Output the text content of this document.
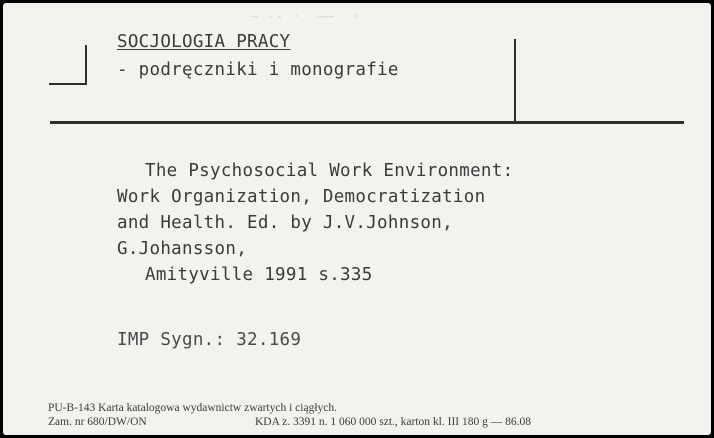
~ -- ·  ~~  ·
SOCJOLOGIA PRACY
- podręczniki i monografie
The Psychosocial Work Environment:
Work Organization, Democratization
and Health. Ed. by J.V.Johnson,
G.Johansson,
Amityville 1991 s.335
IMP Sygn.: 32.169
PU-B-143 Karta katalogowa wydawnictw zwartych i ciągłych.
Zam. nr 680/DW/ON	KDA z. 3391 n. 1 060 000 szt., karton kl. III 180 g — 86.08
